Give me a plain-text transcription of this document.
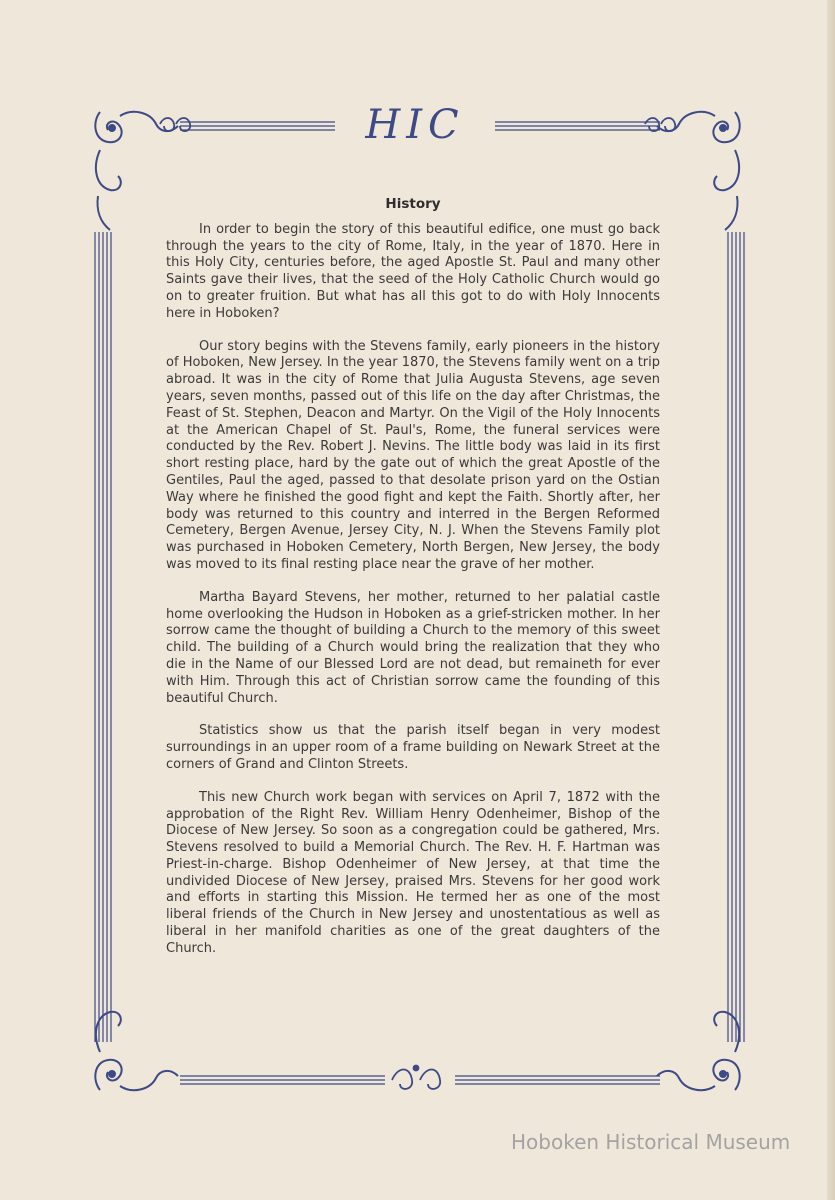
HIC
History

In order to begin the story of this beautiful edifice, one must go back through the years to the city of Rome, Italy, in the year of 1870. Here in this Holy City, centuries before, the aged Apostle St. Paul and many other Saints gave their lives, that the seed of the Holy Catholic Church would go on to greater fruition. But what has all this got to do with Holy Innocents here in Hoboken?

Our story begins with the Stevens family, early pioneers in the history of Hoboken, New Jersey. In the year 1870, the Stevens family went on a trip abroad. It was in the city of Rome that Julia Augusta Stevens, age seven years, seven months, passed out of this life on the day after Christmas, the Feast of St. Stephen, Deacon and Martyr. On the Vigil of the Holy Innocents at the American Chapel of St. Paul's, Rome, the funeral services were conducted by the Rev. Robert J. Nevins. The little body was laid in its first short resting place, hard by the gate out of which the great Apostle of the Gentiles, Paul the aged, passed to that desolate prison yard on the Ostian Way where he finished the good fight and kept the Faith. Shortly after, her body was returned to this country and interred in the Bergen Reformed Cemetery, Bergen Avenue, Jersey City, N. J. When the Stevens Family plot was purchased in Hoboken Cemetery, North Bergen, New Jersey, the body was moved to its final resting place near the grave of her mother.

Martha Bayard Stevens, her mother, returned to her palatial castle home overlooking the Hudson in Hoboken as a grief-stricken mother. In her sorrow came the thought of building a Church to the memory of this sweet child. The building of a Church would bring the realization that they who die in the Name of our Blessed Lord are not dead, but remaineth for ever with Him. Through this act of Christian sorrow came the founding of this beautiful Church.

Statistics show us that the parish itself began in very modest surroundings in an upper room of a frame building on Newark Street at the corners of Grand and Clinton Streets.

This new Church work began with services on April 7, 1872 with the approbation of the Right Rev. William Henry Odenheimer, Bishop of the Diocese of New Jersey. So soon as a congregation could be gathered, Mrs. Stevens resolved to build a Memorial Church. The Rev. H. F. Hartman was Priest-in-charge. Bishop Odenheimer of New Jersey, at that time the undivided Diocese of New Jersey, praised Mrs. Stevens for her good work and efforts in starting this Mission. He termed her as one of the most liberal friends of the Church in New Jersey and unostentatious as well as liberal in her manifold charities as one of the great daughters of the Church.

Hoboken Historical Museum
